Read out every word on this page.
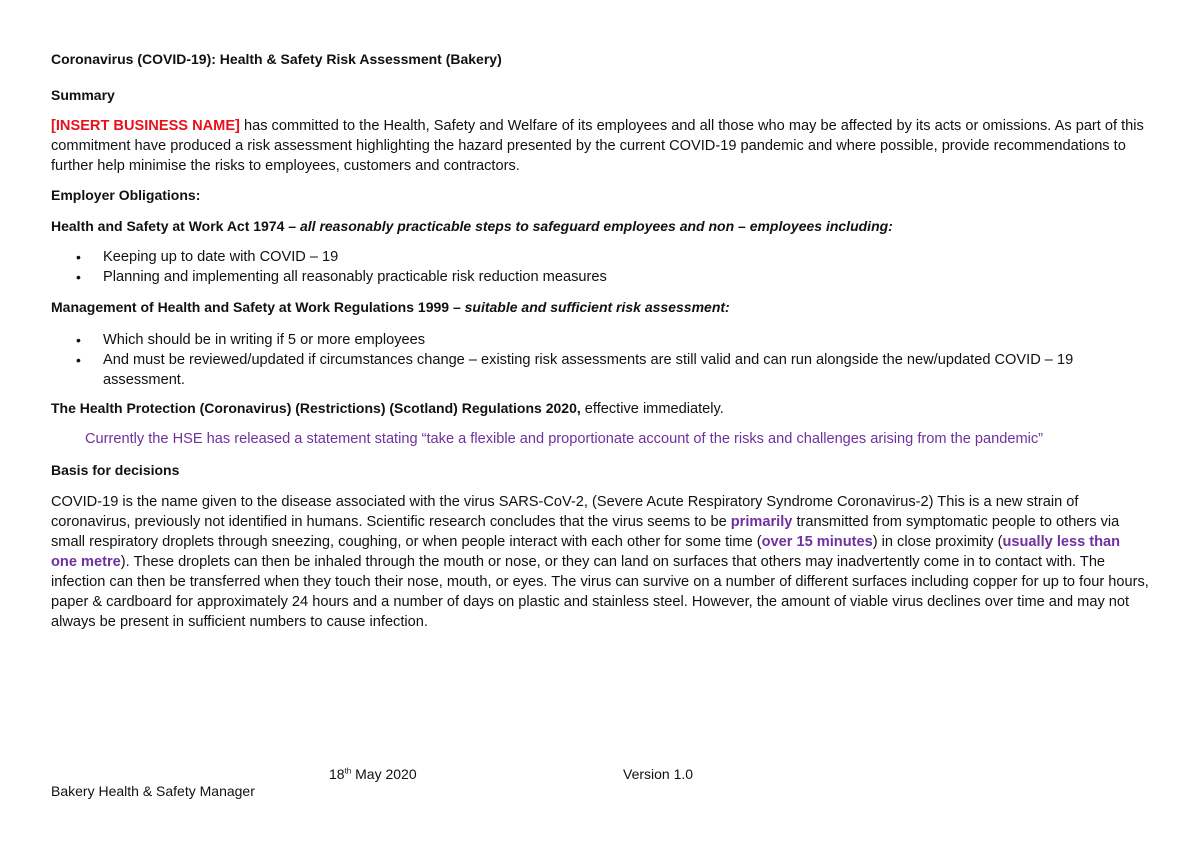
Coronavirus (COVID-19): Health & Safety Risk Assessment (Bakery)
Summary
[INSERT BUSINESS NAME] has committed to the Health, Safety and Welfare of its employees and all those who may be affected by its acts or omissions. As part of this commitment have produced a risk assessment highlighting the hazard presented by the current COVID-19 pandemic and where possible, provide recommendations to further help minimise the risks to employees, customers and contractors.
Employer Obligations:
Health and Safety at Work Act 1974 – all reasonably practicable steps to safeguard employees and non – employees including:
• Keeping up to date with COVID – 19
• Planning and implementing all reasonably practicable risk reduction measures
Management of Health and Safety at Work Regulations 1999 – suitable and sufficient risk assessment:
• Which should be in writing if 5 or more employees
• And must be reviewed/updated if circumstances change – existing risk assessments are still valid and can run alongside the new/updated COVID – 19 assessment.
The Health Protection (Coronavirus) (Restrictions) (Scotland) Regulations 2020, effective immediately.
Currently the HSE has released a statement stating “take a flexible and proportionate account of the risks and challenges arising from the pandemic”
Basis for decisions
COVID-19 is the name given to the disease associated with the virus SARS-CoV-2, (Severe Acute Respiratory Syndrome Coronavirus-2) This is a new strain of coronavirus, previously not identified in humans. Scientific research concludes that the virus seems to be primarily transmitted from symptomatic people to others via small respiratory droplets through sneezing, coughing, or when people interact with each other for some time (over 15 minutes) in close proximity (usually less than one metre). These droplets can then be inhaled through the mouth or nose, or they can land on surfaces that others may inadvertently come in to contact with. The infection can then be transferred when they touch their nose, mouth, or eyes. The virus can survive on a number of different surfaces including copper for up to four hours, paper & cardboard for approximately 24 hours and a number of days on plastic and stainless steel. However, the amount of viable virus declines over time and may not always be present in sufficient numbers to cause infection.
18th May 2020	Version 1.0
Bakery Health & Safety Manager
